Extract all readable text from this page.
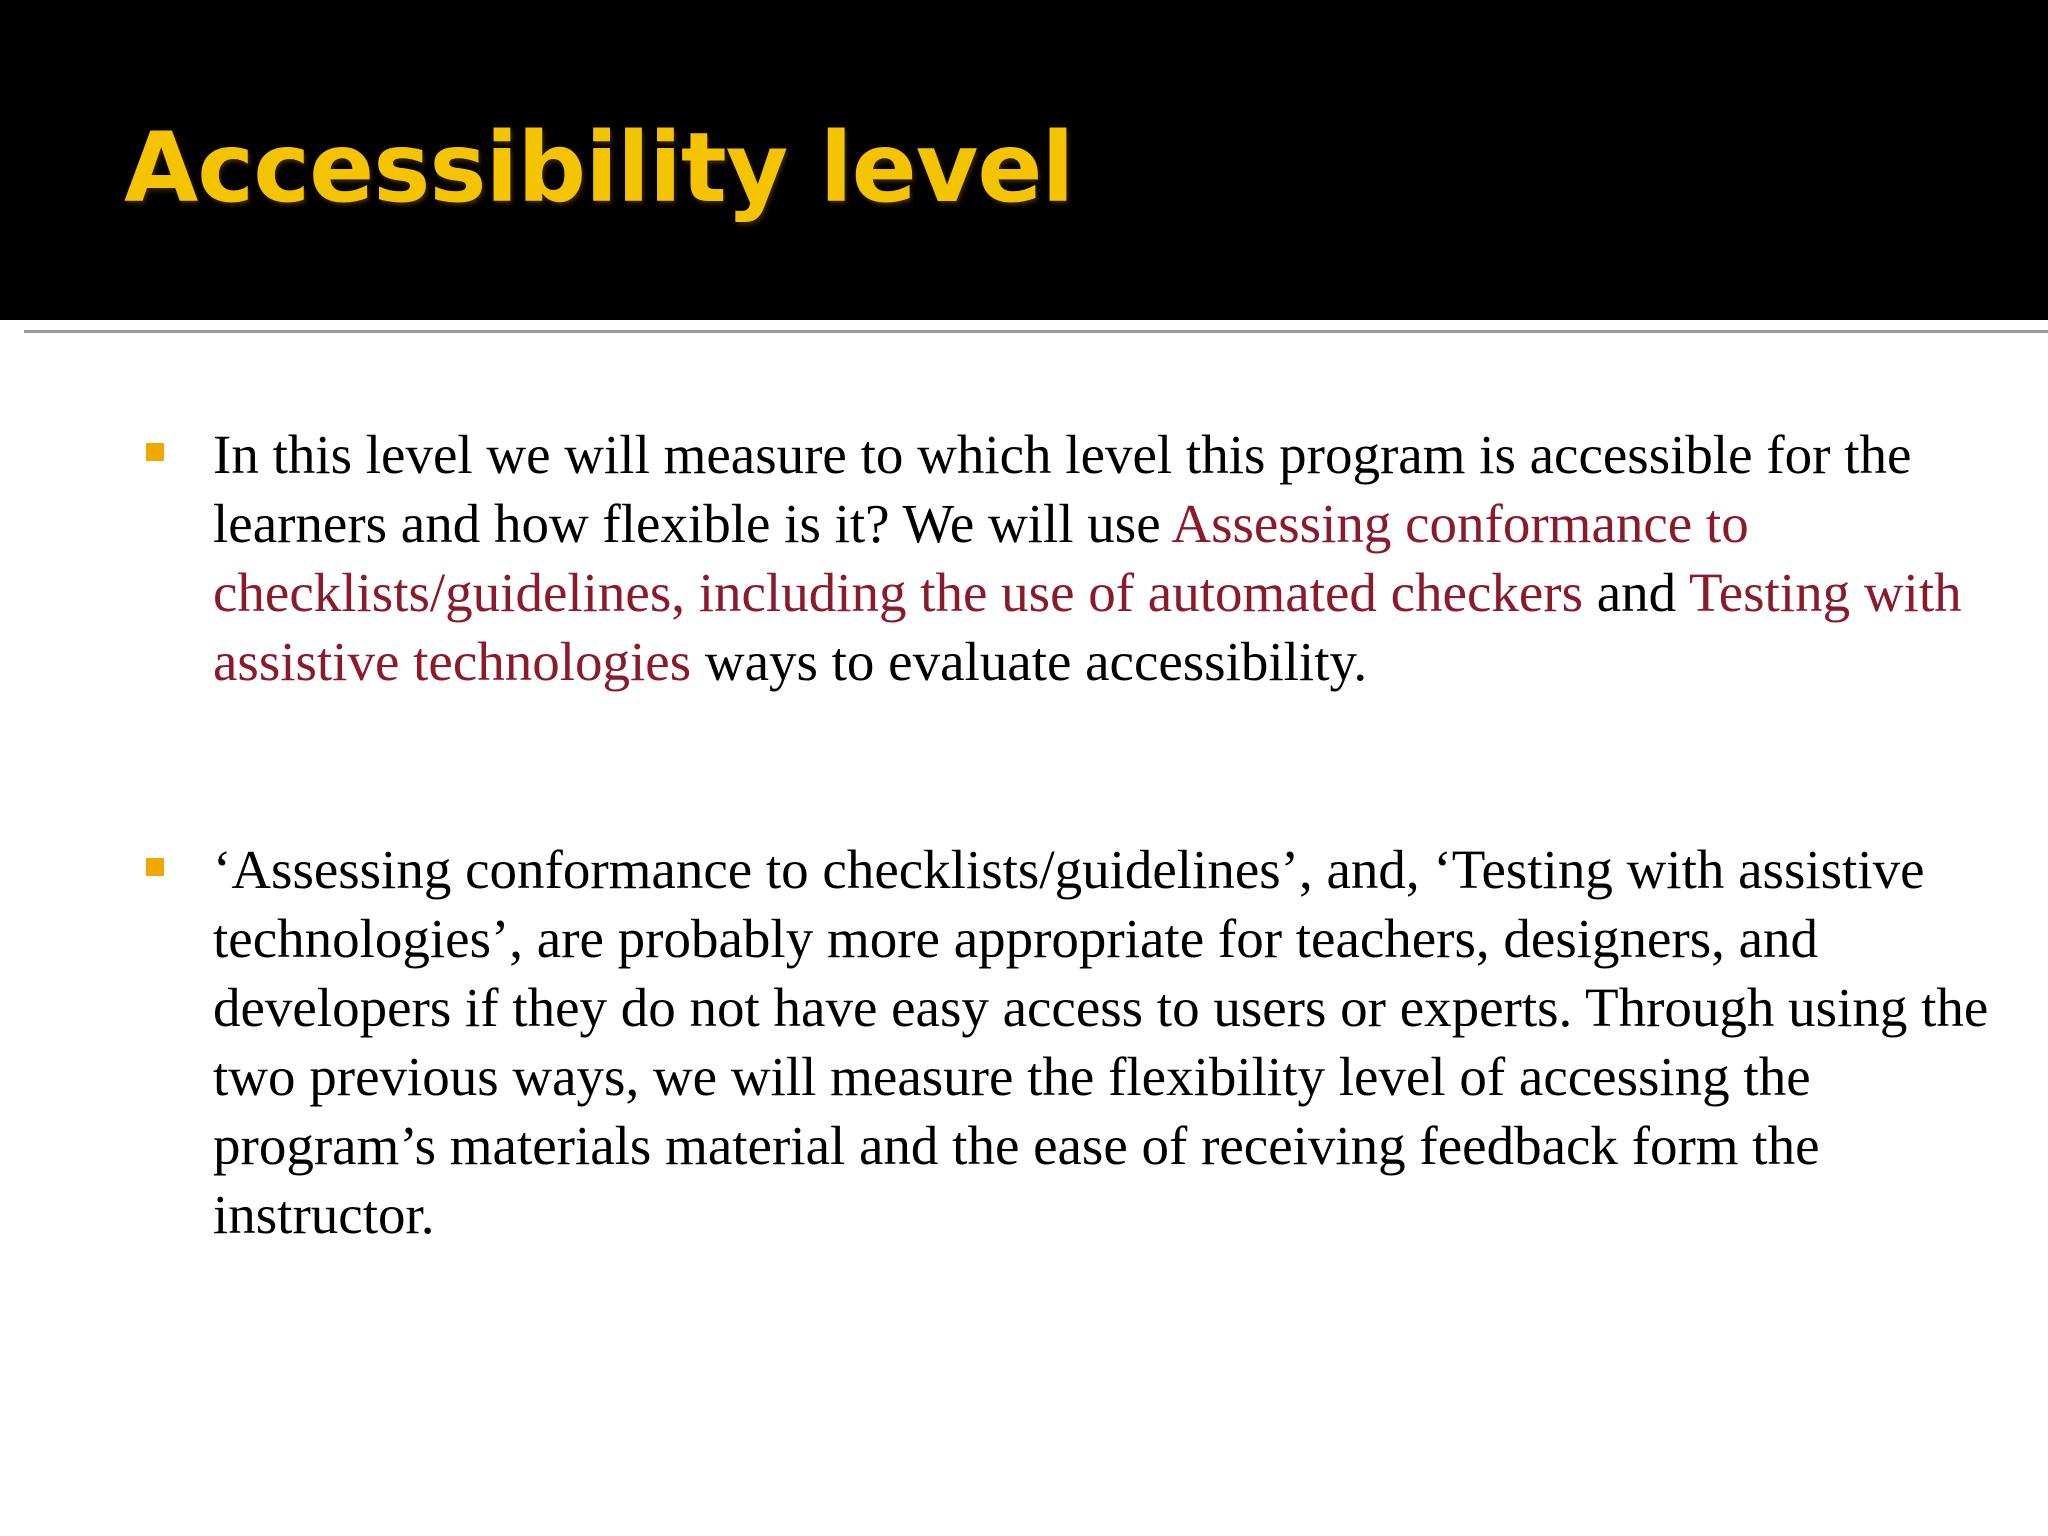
Accessibility level

In this level we will measure to which level this program is accessible for the learners and how flexible is it? We will use Assessing conformance to checklists/guidelines, including the use of automated checkers and Testing with assistive technologies ways to evaluate accessibility.

‘Assessing conformance to checklists/guidelines’, and, ‘Testing with assistive technologies’, are probably more appropriate for teachers, designers, and developers if they do not have easy access to users or experts. Through using the two previous ways, we will measure the flexibility level of accessing the program’s materials material and the ease of receiving feedback form the instructor.
